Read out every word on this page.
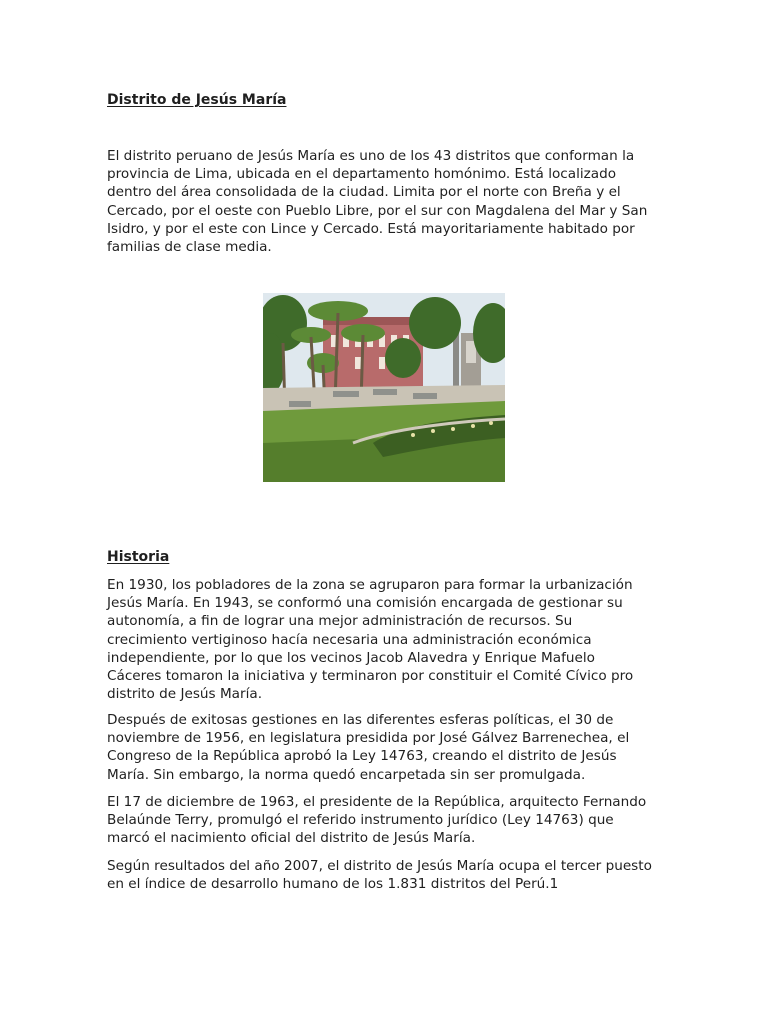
Distrito de Jesús María
El distrito peruano de Jesús María es uno de los 43 distritos que conforman la
provincia de Lima, ubicada en el departamento homónimo. Está localizado
dentro del área consolidada de la ciudad. Limita por el norte con Breña y el
Cercado, por el oeste con Pueblo Libre, por el sur con Magdalena del Mar y San
Isidro, y por el este con Lince y Cercado. Está mayoritariamente habitado por
familias de clase media.
Historia
En 1930, los pobladores de la zona se agruparon para formar la urbanización
Jesús María. En 1943, se conformó una comisión encargada de gestionar su
autonomía, a fin de lograr una mejor administración de recursos. Su
crecimiento vertiginoso hacía necesaria una administración económica
independiente, por lo que los vecinos Jacob Alavedra y Enrique Mafuelo
Cáceres tomaron la iniciativa y terminaron por constituir el Comité Cívico pro
distrito de Jesús María.
Después de exitosas gestiones en las diferentes esferas políticas, el 30 de
noviembre de 1956, en legislatura presidida por José Gálvez Barrenechea, el
Congreso de la República aprobó la Ley 14763, creando el distrito de Jesús
María. Sin embargo, la norma quedó encarpetada sin ser promulgada.
El 17 de diciembre de 1963, el presidente de la República, arquitecto Fernando
Belaúnde Terry, promulgó el referido instrumento jurídico (Ley 14763) que
marcó el nacimiento oficial del distrito de Jesús María.
Según resultados del año 2007, el distrito de Jesús María ocupa el tercer puesto
en el índice de desarrollo humano de los 1.831 distritos del Perú.1
